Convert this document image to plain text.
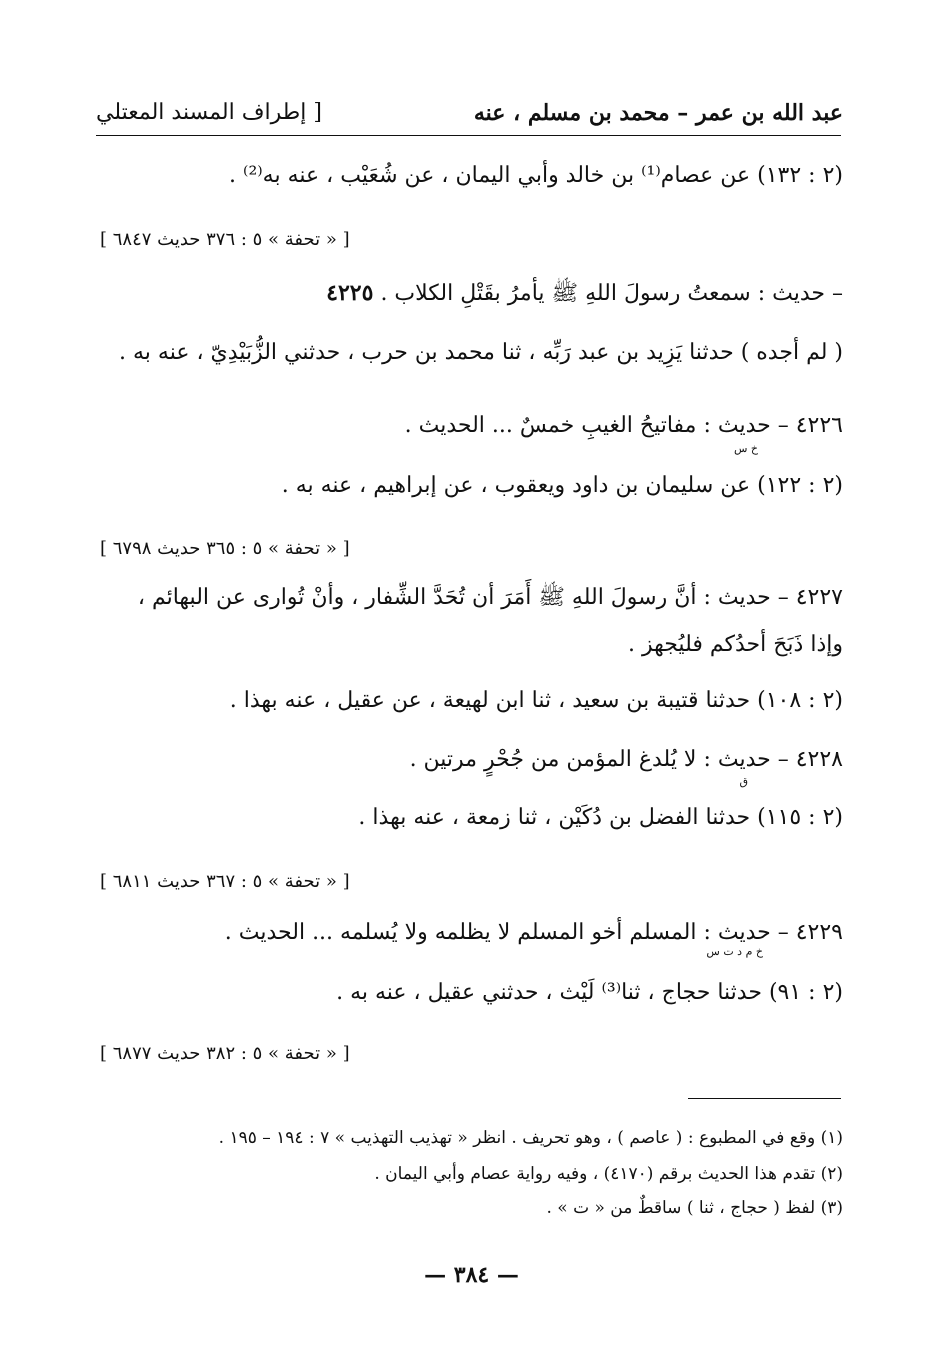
عبد الله بن عمر – محمد بن مسلم ، عنه
[ إطراف المسند المعتلي
(٢ : ١٣٢) عن عصام⁽¹⁾ بن خالد وأبي اليمان ، عن شُعَيْب ، عنه به⁽²⁾ .
[ « تحفة » ٥ : ٣٧٦ حديث ٦٨٤٧ ]
– حديث : سمعتُ رسولَ اللهِ ﷺ يأمرُ بقَتْلِ الكلاب . ٤٢٢٥
( لم أجده ) حدثنا يَزِيد بن عبد رَبِّه ، ثنا محمد بن حرب ، حدثني الزُّبَيْدِيّ ، عنه به .
٤٢٢٦ – حديث : مفاتيحُ الغيبِ خمسٌ ... الحديث .
خ س
(٢ : ١٢٢) عن سليمان بن داود ويعقوب ، عن إبراهيم ، عنه به .
[ « تحفة » ٥ : ٣٦٥ حديث ٦٧٩٨ ]
٤٢٢٧ – حديث : أنَّ رسولَ اللهِ ﷺ أَمَرَ أن تُحَدَّ الشِّفار ، وأنْ تُوارى عن البهائم ،
وإذا ذَبَحَ أحدُكم فليُجهز .
(٢ : ١٠٨) حدثنا قتيبة بن سعيد ، ثنا ابن لهيعة ، عن عقيل ، عنه بهذا .
٤٢٢٨ – حديث : لا يُلدغ المؤمن من جُحْرٍ مرتين .
ق
(٢ : ١١٥) حدثنا الفضل بن دُكَيْن ، ثنا زمعة ، عنه بهذا .
[ « تحفة » ٥ : ٣٦٧ حديث ٦٨١١ ]
٤٢٢٩ – حديث : المسلم أخو المسلم لا يظلمه ولا يُسلمه ... الحديث .
خ م د ت س
(٢ : ٩١) حدثنا حجاج ، ثنا⁽³⁾ لَيْث ، حدثني عقيل ، عنه به .
[ « تحفة » ٥ : ٣٨٢ حديث ٦٨٧٧ ]
(١) وقع في المطبوع : ( عاصم ) ، وهو تحريف . انظر « تهذيب التهذيب » ٧ : ١٩٤ – ١٩٥ .
(٢) تقدم هذا الحديث برقم (٤١٧٠) ، وفيه رواية عصام وأبي اليمان .
(٣) لفظ ( حجاج ، ثنا ) ساقطٌ من « ت » .
— ٣٨٤ —
